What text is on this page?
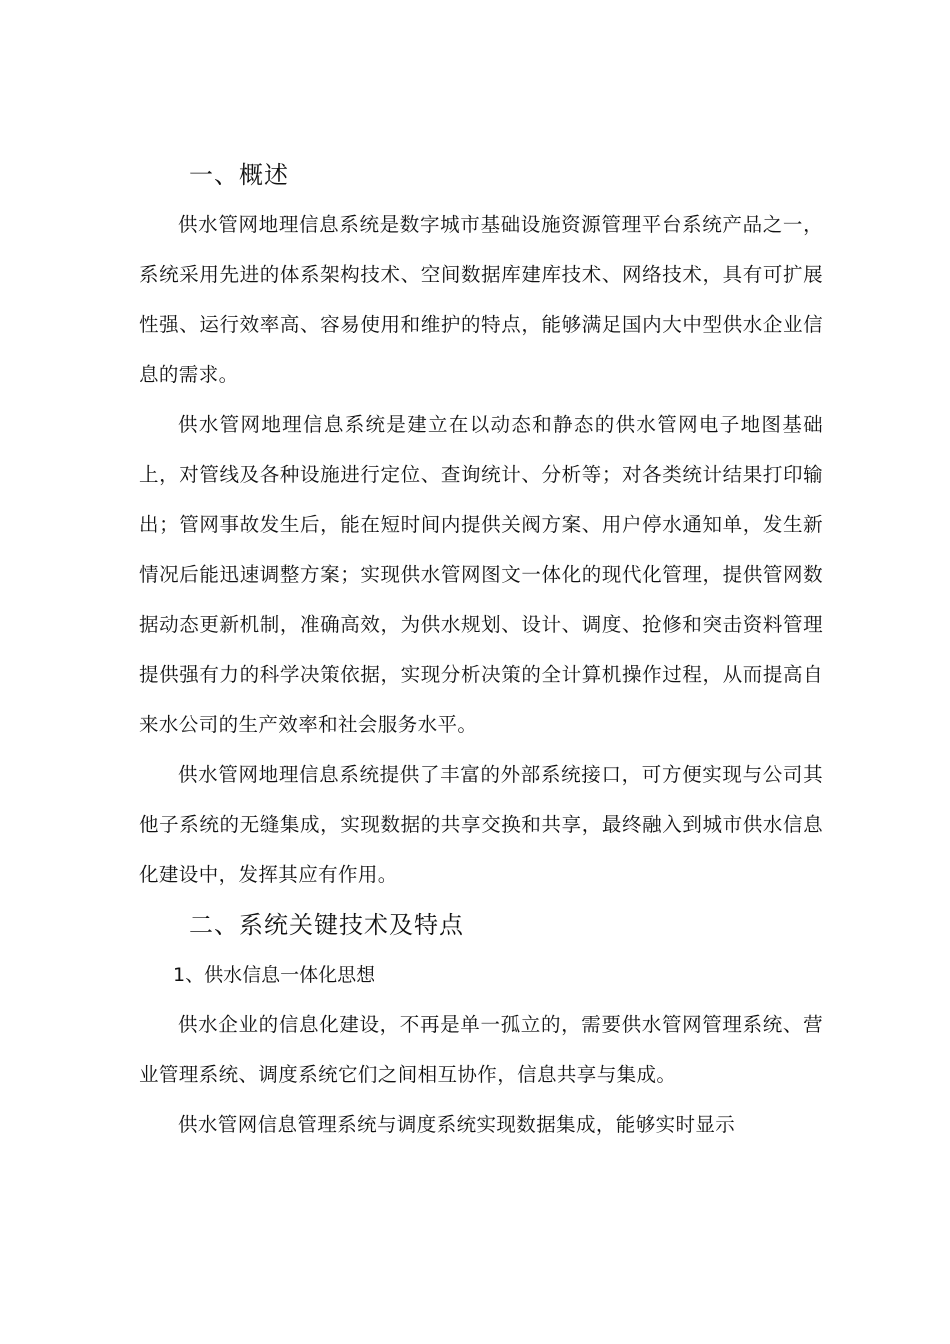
一、概述

供水管网地理信息系统是数字城市基础设施资源管理平台系统产品之一，系统采用先进的体系架构技术、空间数据库建库技术、网络技术，具有可扩展性强、运行效率高、容易使用和维护的特点，能够满足国内大中型供水企业信息的需求。

供水管网地理信息系统是建立在以动态和静态的供水管网电子地图基础上，对管线及各种设施进行定位、查询统计、分析等；对各类统计结果打印输出；管网事故发生后，能在短时间内提供关阀方案、用户停水通知单，发生新情况后能迅速调整方案；实现供水管网图文一体化的现代化管理，提供管网数据动态更新机制，准确高效，为供水规划、设计、调度、抢修和突击资料管理提供强有力的科学决策依据，实现分析决策的全计算机操作过程，从而提高自来水公司的生产效率和社会服务水平。

供水管网地理信息系统提供了丰富的外部系统接口，可方便实现与公司其他子系统的无缝集成，实现数据的共享交换和共享，最终融入到城市供水信息化建设中，发挥其应有作用。

二、系统关键技术及特点
1、供水信息一体化思想

供水企业的信息化建设，不再是单一孤立的，需要供水管网管理系统、营业管理系统、调度系统它们之间相互协作，信息共享与集成。

供水管网信息管理系统与调度系统实现数据集成，能够实时显示
